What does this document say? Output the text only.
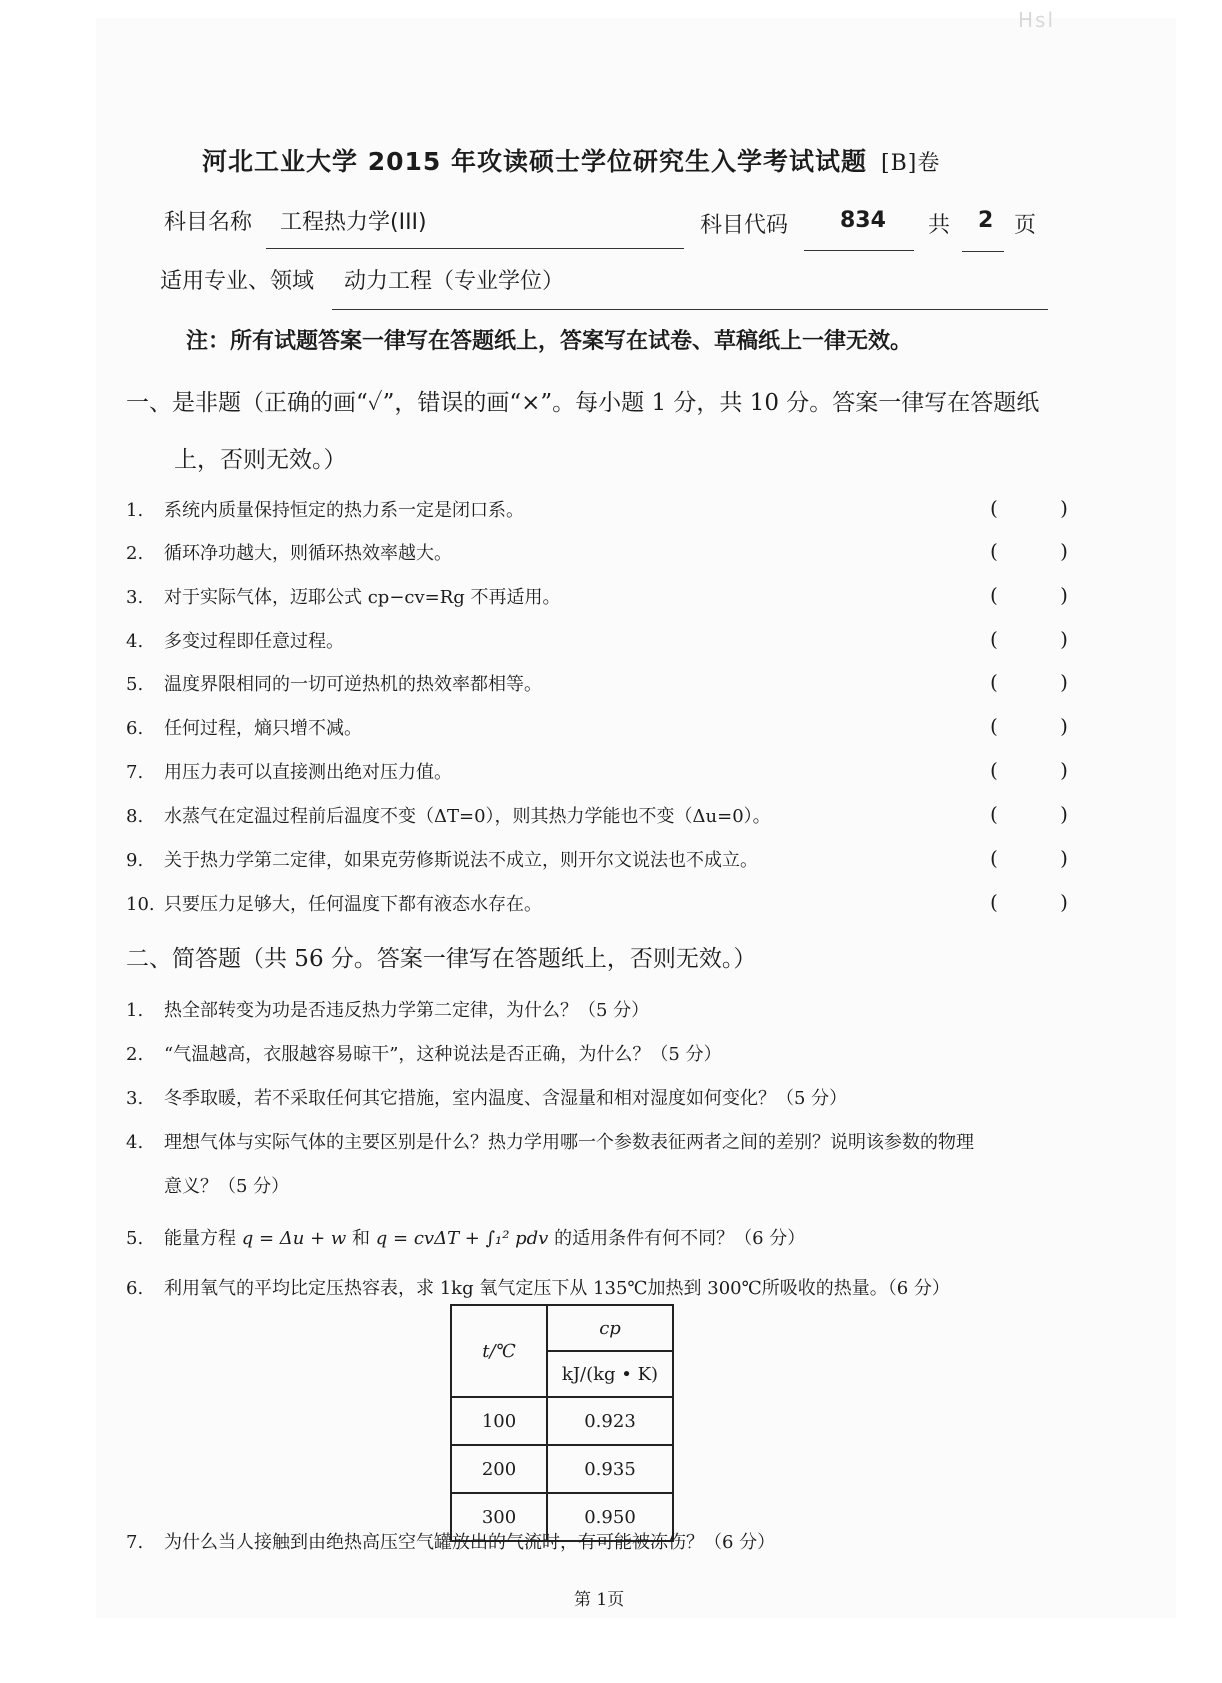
Hsl
河北工业大学 2015 年攻读硕士学位研究生入学考试试题 [B]卷
科目名称 工程热力学(III)	科目代码 834 共 2 页
适用专业、领域 动力工程（专业学位）
注：所有试题答案一律写在答题纸上，答案写在试卷、草稿纸上一律无效。
一、是非题（正确的画“✓”，错误的画“×”。每小题 1 分，共 10 分。答案一律写在答题纸
上，否则无效。）
1. 系统内质量保持恒定的热力系一定是闭口系。	( )
2. 循环净功越大，则循环热效率越大。	( )
3. 对于实际气体，迈耶公式 cp−cv=Rg 不再适用。	( )
4. 多变过程即任意过程。	( )
5. 温度界限相同的一切可逆热机的热效率都相等。	( )
6. 任何过程，熵只增不减。	( )
7. 用压力表可以直接测出绝对压力值。	( )
8. 水蒸气在定温过程前后温度不变（ΔT=0），则其热力学能也不变（Δu=0）。	( )
9. 关于热力学第二定律，如果克劳修斯说法不成立，则开尔文说法也不成立。	( )
10. 只要压力足够大，任何温度下都有液态水存在。	( )
二、简答题（共 56 分。答案一律写在答题纸上，否则无效。）
1. 热全部转变为功是否违反热力学第二定律，为什么？（5 分）
2. “气温越高，衣服越容易晾干”，这种说法是否正确，为什么？（5 分）
3. 冬季取暖，若不采取任何其它措施，室内温度、含湿量和相对湿度如何变化？（5 分）
4. 理想气体与实际气体的主要区别是什么？热力学用哪一个参数表征两者之间的差别？说明该参数的物理
意义？（5 分）
5. 能量方程 q = Δu + w 和 q = cvΔT + ∫₁² pdv 的适用条件有何不同？（6 分）
6. 利用氧气的平均比定压热容表，求 1kg 氧气定压下从 135℃加热到 300℃所吸收的热量。（6 分）
t/℃	cp
	kJ/(kg • K)
100	0.923
200	0.935
300	0.950
7. 为什么当人接触到由绝热高压空气罐放出的气流时，有可能被冻伤？（6 分）
第 1页
